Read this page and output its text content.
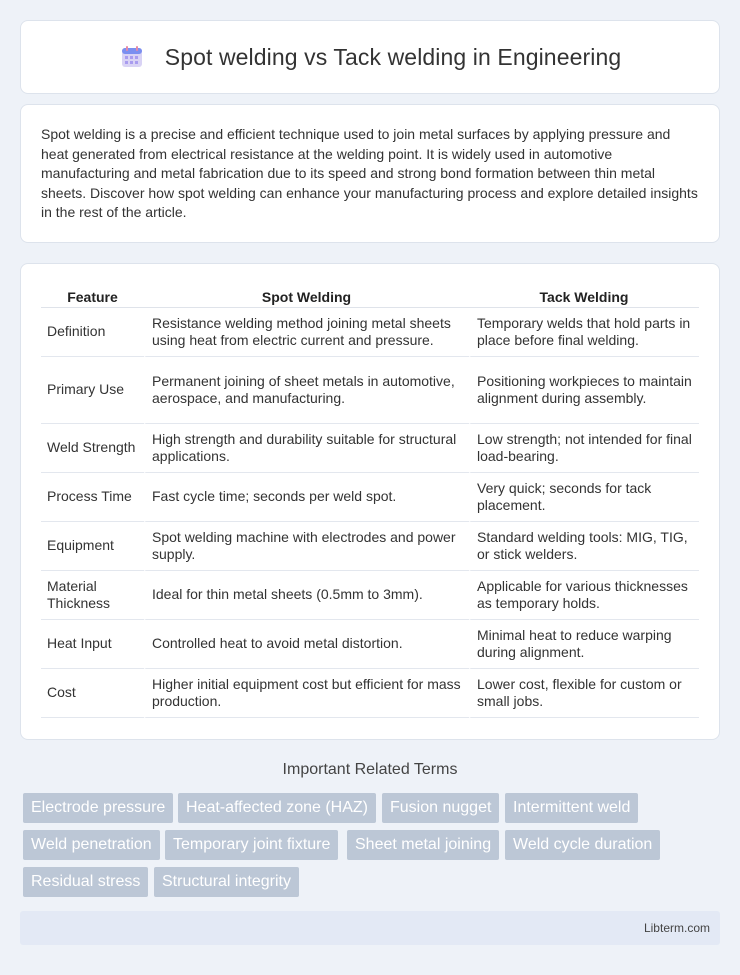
Spot welding vs Tack welding in Engineering

Spot welding is a precise and efficient technique used to join metal surfaces by applying pressure and heat generated from electrical resistance at the welding point. It is widely used in automotive manufacturing and metal fabrication due to its speed and strong bond formation between thin metal sheets. Discover how spot welding can enhance your manufacturing process and explore detailed insights in the rest of the article.

Feature	Spot Welding	Tack Welding
Definition	Resistance welding method joining metal sheets using heat from electric current and pressure.	Temporary welds that hold parts in place before final welding.
Primary Use	Permanent joining of sheet metals in automotive, aerospace, and manufacturing.	Positioning workpieces to maintain alignment during assembly.
Weld Strength	High strength and durability suitable for structural applications.	Low strength; not intended for final load-bearing.
Process Time	Fast cycle time; seconds per weld spot.	Very quick; seconds for tack placement.
Equipment	Spot welding machine with electrodes and power supply.	Standard welding tools: MIG, TIG, or stick welders.
Material Thickness	Ideal for thin metal sheets (0.5mm to 3mm).	Applicable for various thicknesses as temporary holds.
Heat Input	Controlled heat to avoid metal distortion.	Minimal heat to reduce warping during alignment.
Cost	Higher initial equipment cost but efficient for mass production.	Lower cost, flexible for custom or small jobs.
Important Related Terms
Electrode pressure	Heat-affected zone (HAZ)	Fusion nugget	Intermittent weld
Weld penetration	Temporary joint fixture	Sheet metal joining	Weld cycle duration
Residual stress	Structural integrity
Libterm.com
